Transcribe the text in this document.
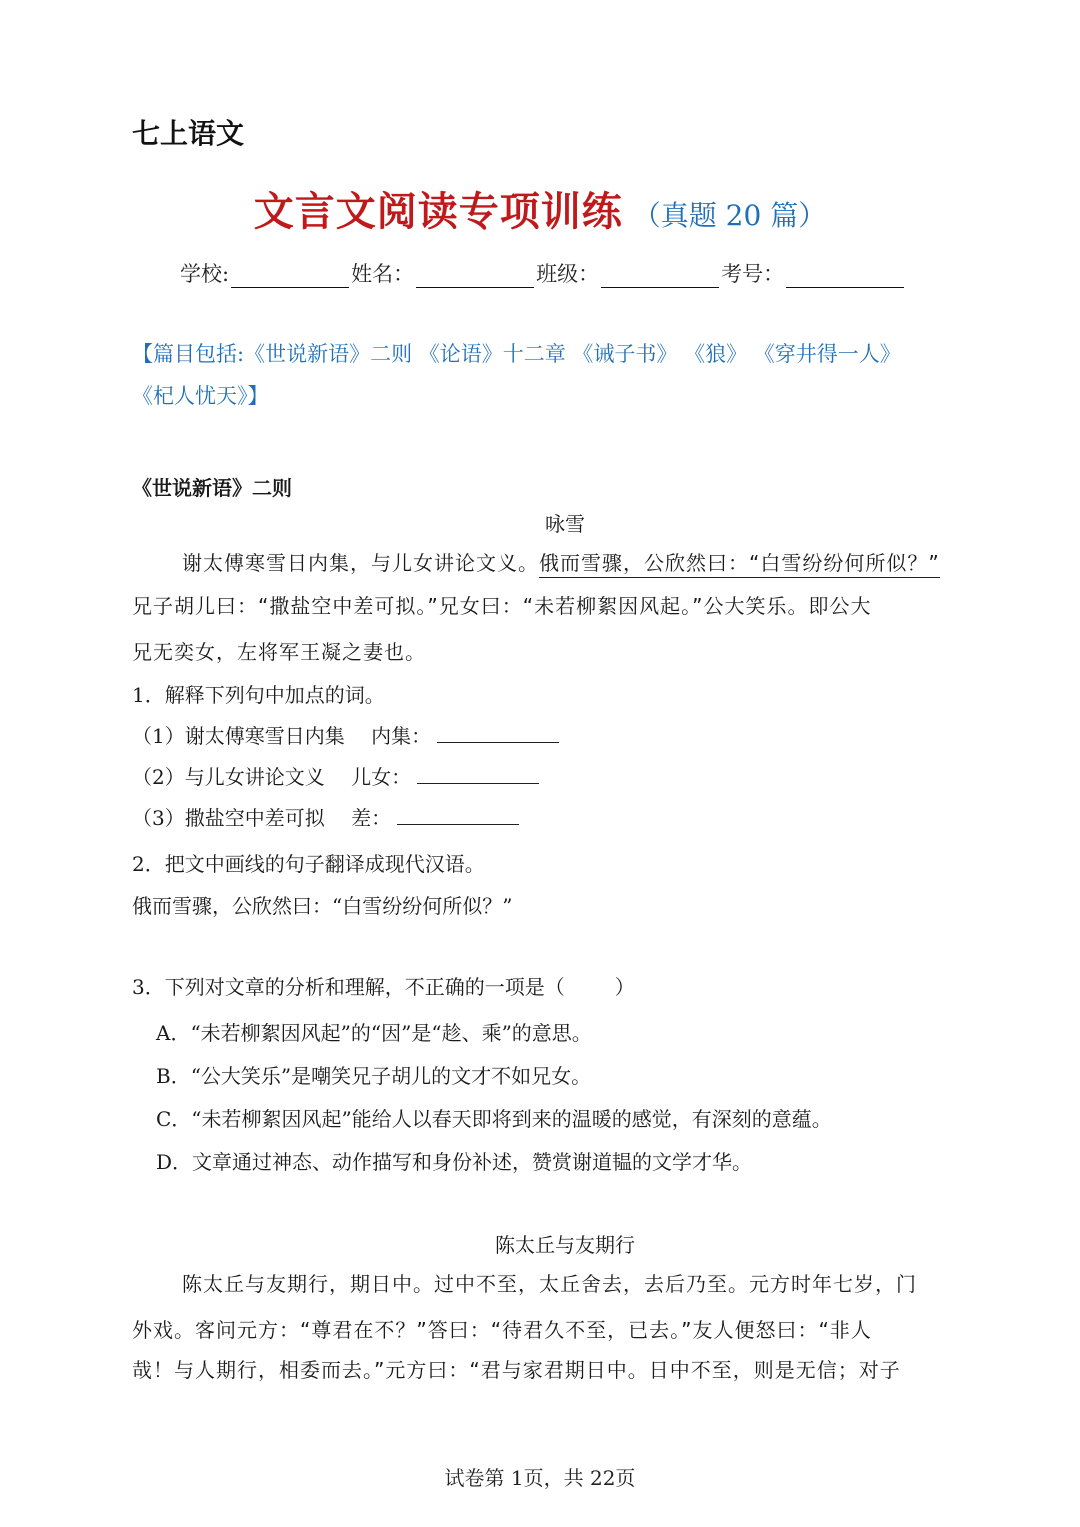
七上语文
文言文阅读专项训练 （真题 20 篇）
学校:	姓名：	班级：	考号：
【篇目包括:《世说新语》二则 《论语》十二章 《诫子书》 《狼》 《穿井得一人》
《杞人忧天》】
《世说新语》二则
咏雪
谢太傅寒雪日内集，与儿女讲论文义。俄而雪骤，公欣然曰：“白雪纷纷何所似？”
兄子胡儿曰：“撒盐空中差可拟。”兄女曰：“未若柳絮因风起。”公大笑乐。即公大
兄无奕女，左将军王凝之妻也。
1．解释下列句中加点的词。
（1）谢太傅寒雪日内集　 内集：
（2）与儿女讲论文义　 儿女：
（3）撒盐空中差可拟　 差：
2．把文中画线的句子翻译成现代汉语。
俄而雪骤，公欣然曰：“白雪纷纷何所似？”
3．下列对文章的分析和理解，不正确的一项是（	）
A．“未若柳絮因风起”的“因”是“趁、乘”的意思。
B．“公大笑乐”是嘲笑兄子胡儿的文才不如兄女。
C．“未若柳絮因风起”能给人以春天即将到来的温暖的感觉，有深刻的意蕴。
D．文章通过神态、动作描写和身份补述，赞赏谢道韫的文学才华。
陈太丘与友期行
陈太丘与友期行，期日中。过中不至，太丘舍去，去后乃至。元方时年七岁，门
外戏。客问元方：“尊君在不？”答曰：“待君久不至，已去。”友人便怒曰：“非人
哉！与人期行，相委而去。”元方曰：“君与家君期日中。日中不至，则是无信；对子
试卷第 1页，共 22页
